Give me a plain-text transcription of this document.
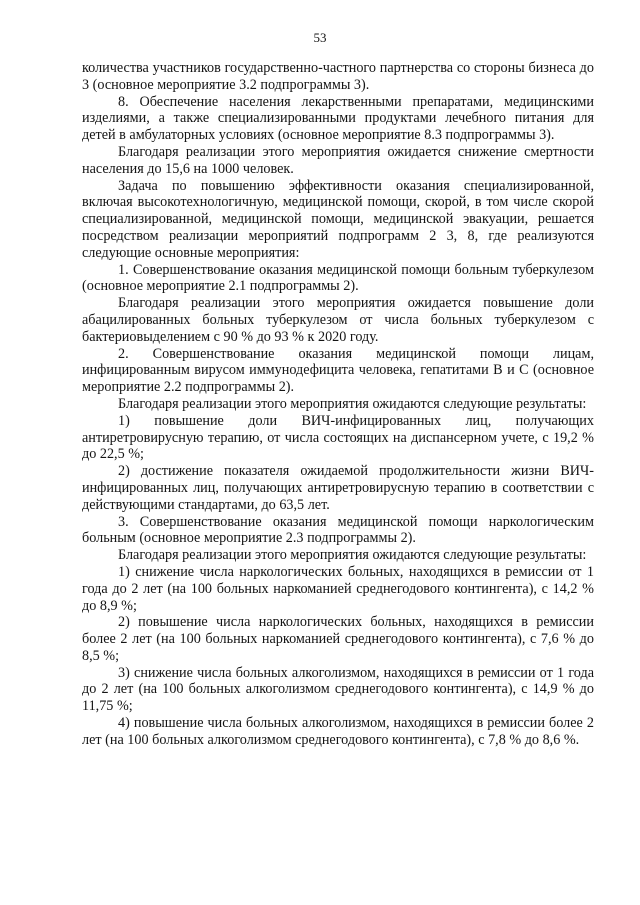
53

количества участников государственно-частного партнерства со стороны бизнеса до 3 (основное мероприятие 3.2 подпрограммы 3).

8. Обеспечение населения лекарственными препаратами, медицинскими изделиями, а также специализированными продуктами лечебного питания для детей в амбулаторных условиях (основное мероприятие 8.3 подпрограммы 3).

Благодаря реализации этого мероприятия ожидается снижение смертности населения до 15,6 на 1000 человек.

Задача по повышению эффективности оказания специализированной, включая высокотехнологичную, медицинской помощи, скорой, в том числе скорой специализированной, медицинской помощи, медицинской эвакуации, решается посредством реализации мероприятий подпрограмм 2 3, 8, где реализуются следующие основные мероприятия:

1. Совершенствование оказания медицинской помощи больным туберкулезом (основное мероприятие 2.1 подпрограммы 2).

Благодаря реализации этого мероприятия ожидается повышение доли абацилированных больных туберкулезом от числа больных туберкулезом с бактериовыделением с 90 % до 93 % к 2020 году.

2. Совершенствование оказания медицинской помощи лицам, инфицированным вирусом иммунодефицита человека, гепатитами B и C (основное мероприятие 2.2 подпрограммы 2).

Благодаря реализации этого мероприятия ожидаются следующие результаты:

1) повышение доли ВИЧ-инфицированных лиц, получающих антиретровирусную терапию, от числа состоящих на диспансерном учете, с 19,2 % до 22,5 %;

2) достижение показателя ожидаемой продолжительности жизни ВИЧ-инфицированных лиц, получающих антиретровирусную терапию в соответствии с действующими стандартами, до 63,5 лет.

3. Совершенствование оказания медицинской помощи наркологическим больным (основное мероприятие 2.3 подпрограммы 2).

Благодаря реализации этого мероприятия ожидаются следующие результаты:

1) снижение числа наркологических больных, находящихся в ремиссии от 1 года до 2 лет (на 100 больных наркоманией среднегодового контингента), с 14,2 % до 8,9 %;

2) повышение числа наркологических больных, находящихся в ремиссии более 2 лет (на 100 больных наркоманией среднегодового контингента), с 7,6 % до 8,5 %;

3) снижение числа больных алкоголизмом, находящихся в ремиссии от 1 года до 2 лет (на 100 больных алкоголизмом среднегодового контингента), с 14,9 % до 11,75 %;

4) повышение числа больных алкоголизмом, находящихся в ремиссии более 2 лет (на 100 больных алкоголизмом среднегодового контингента), с 7,8 % до 8,6 %.
